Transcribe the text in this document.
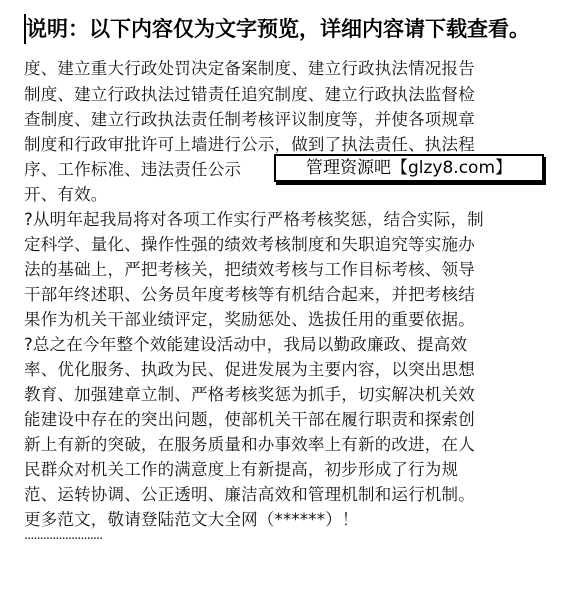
说明：以下内容仅为文字预览，详细内容请下载查看。
度、建立重大行政处罚决定备案制度、建立行政执法情况报告
制度、建立行政执法过错责任追究制度、建立行政执法监督检
查制度、建立行政执法责任制考核评议制度等，并使各项规章
制度和行政审批许可上墙进行公示，做到了执法责任、执法程
序、工作标准、违法责任公示
开、有效。
?从明年起我局将对各项工作实行严格考核奖惩，结合实际，制
定科学、量化、操作性强的绩效考核制度和失职追究等实施办
法的基础上，严把考核关，把绩效考核与工作目标考核、领导
干部年终述职、公务员年度考核等有机结合起来，并把考核结
果作为机关干部业绩评定，奖励惩处、选拔任用的重要依据。
?总之在今年整个效能建设活动中，我局以勤政廉政、提高效
率、优化服务、执政为民、促进发展为主要内容，以突出思想
教育、加强建章立制、严格考核奖惩为抓手，切实解决机关效
能建设中存在的突出问题，使部机关干部在履行职责和探索创
新上有新的突破，在服务质量和办事效率上有新的改进，在人
民群众对机关工作的满意度上有新提高，初步形成了行为规
范、运转协调、公正透明、廉洁高效和管理机制和运行机制。
更多范文，敬请登陆范文大全网（******）！
管理资源吧【glzy8.com】
·························
